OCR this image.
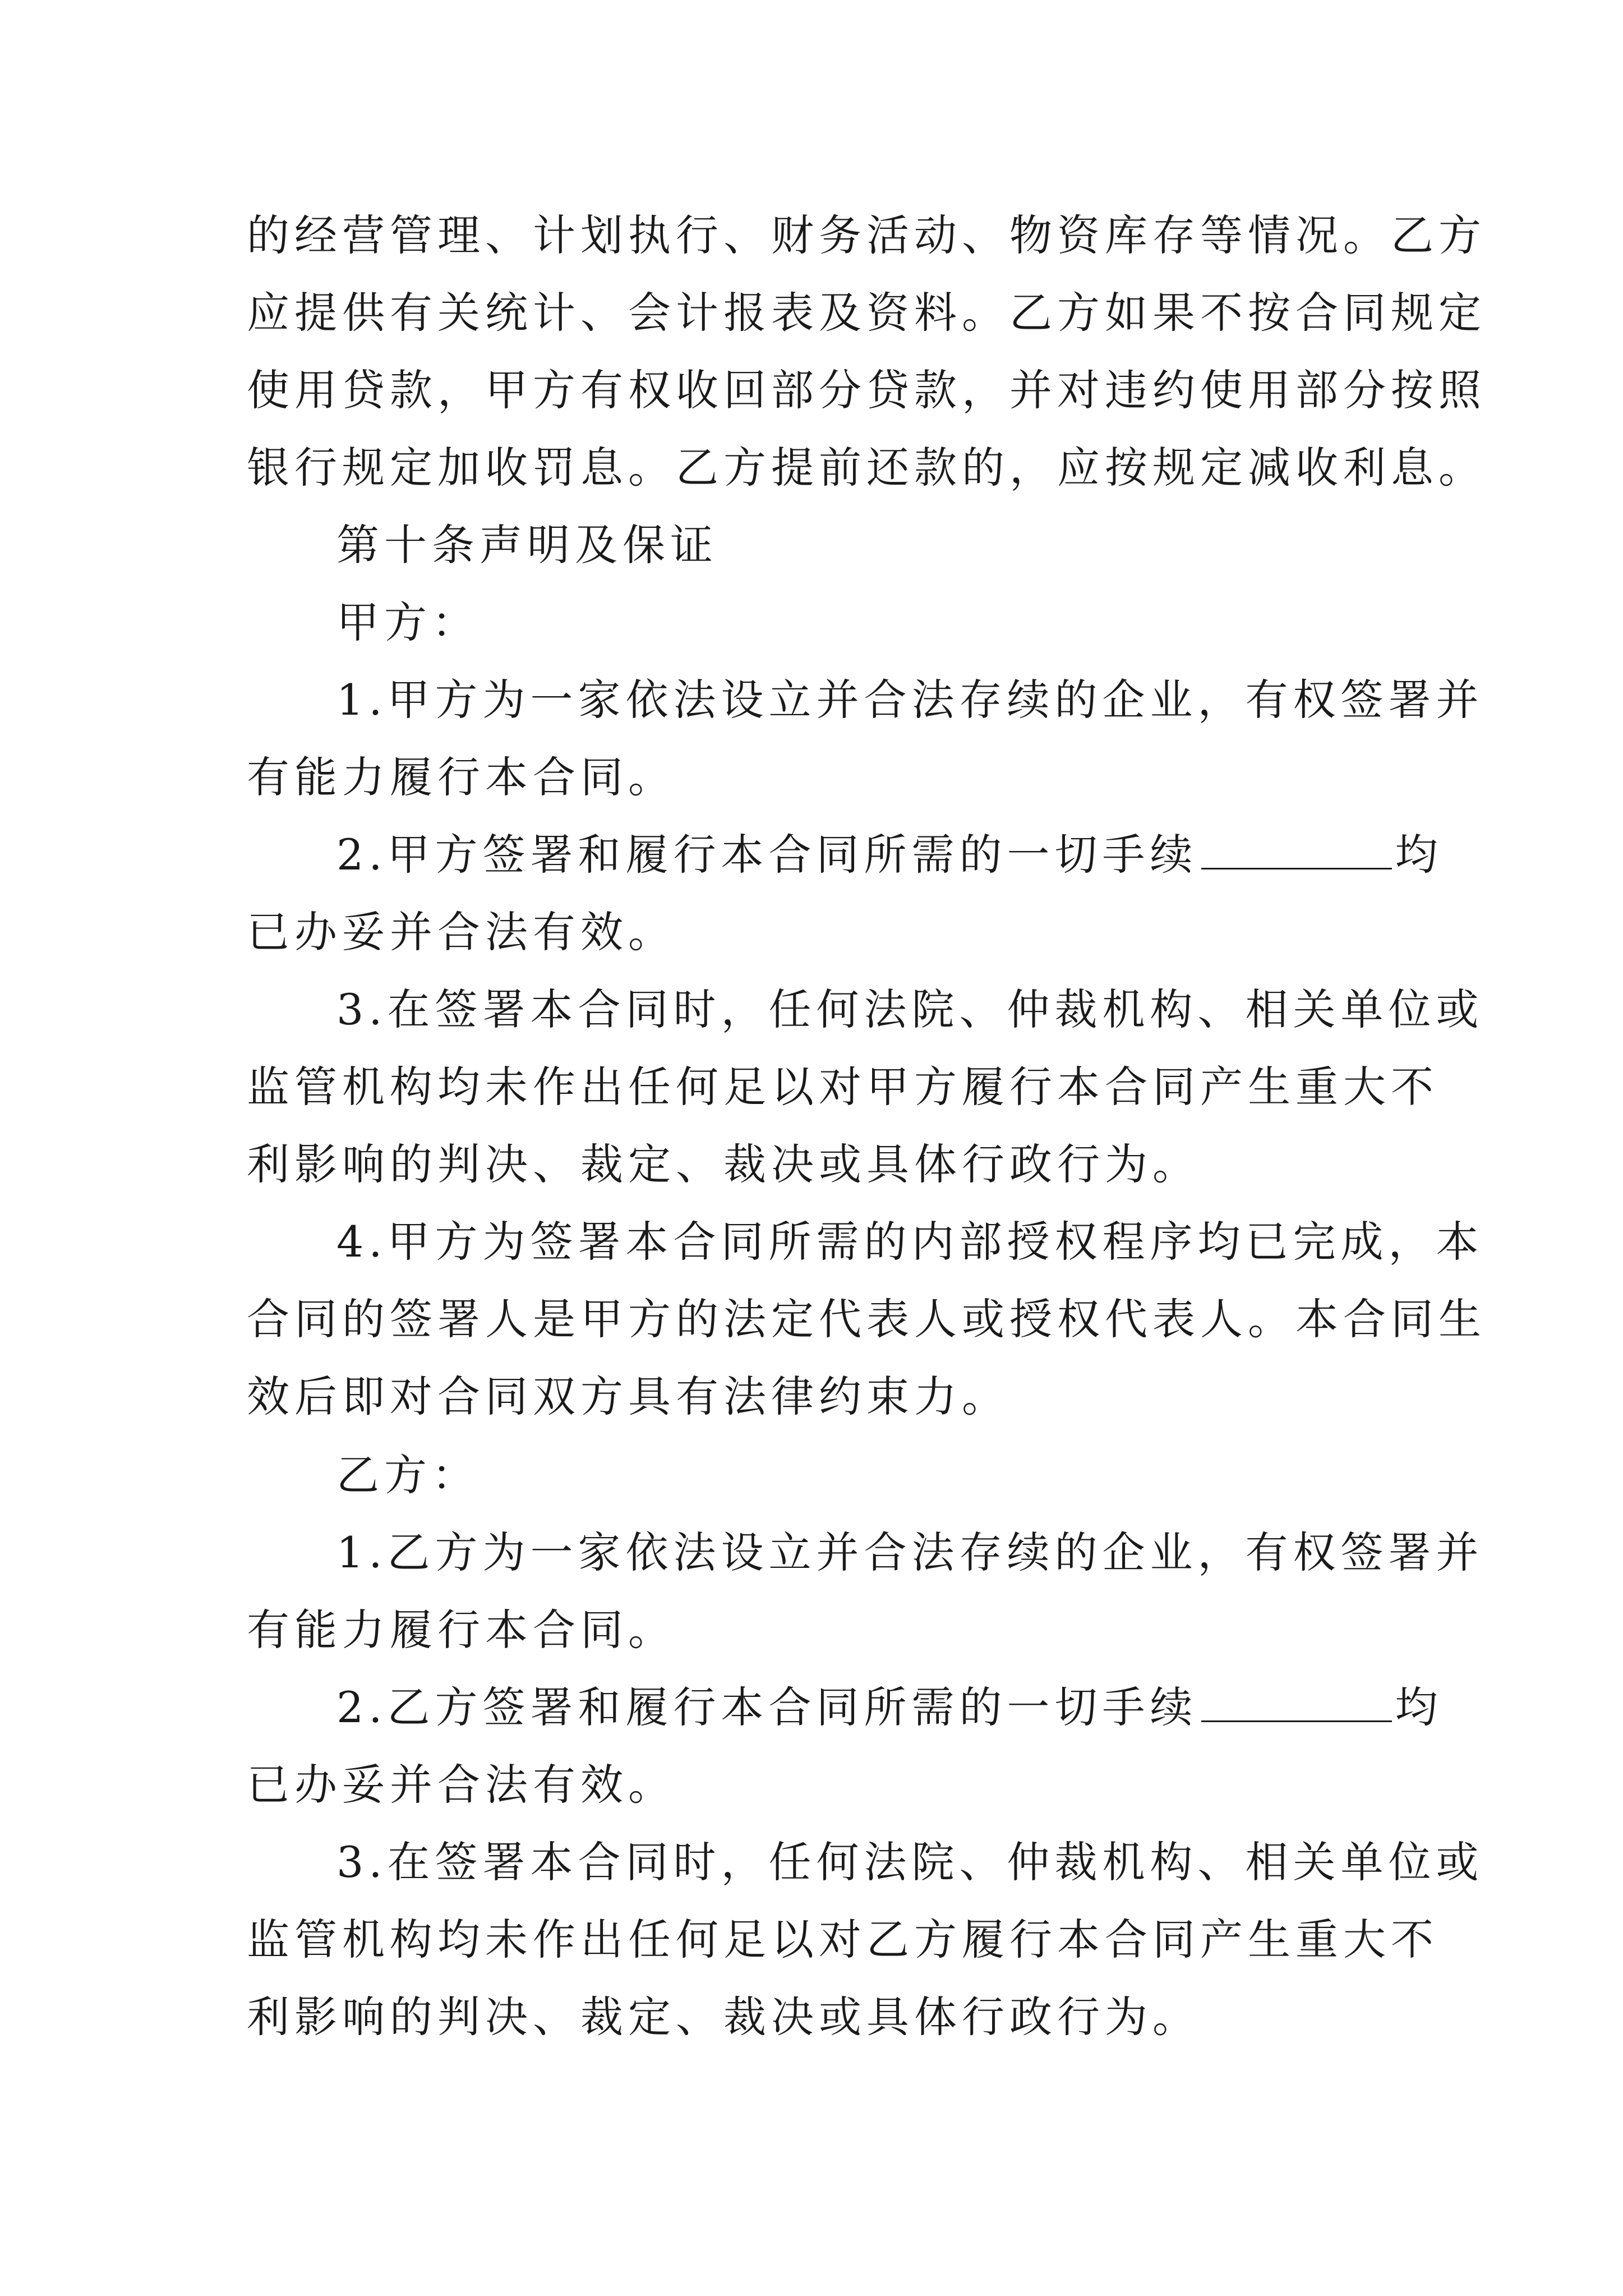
的经营管理、计划执行、财务活动、物资库存等情况。乙方
应提供有关统计、会计报表及资料。乙方如果不按合同规定
使用贷款，甲方有权收回部分贷款，并对违约使用部分按照
银行规定加收罚息。乙方提前还款的，应按规定减收利息。
第十条声明及保证
甲方：
1.甲方为一家依法设立并合法存续的企业，有权签署并
有能力履行本合同。
2.甲方签署和履行本合同所需的一切手续	均
已办妥并合法有效。
3.在签署本合同时，任何法院、仲裁机构、相关单位或
监管机构均未作出任何足以对甲方履行本合同产生重大不
利影响的判决、裁定、裁决或具体行政行为。
4.甲方为签署本合同所需的内部授权程序均已完成，本
合同的签署人是甲方的法定代表人或授权代表人。本合同生
效后即对合同双方具有法律约束力。
乙方：
1.乙方为一家依法设立并合法存续的企业，有权签署并
有能力履行本合同。
2.乙方签署和履行本合同所需的一切手续	均
已办妥并合法有效。
3.在签署本合同时，任何法院、仲裁机构、相关单位或
监管机构均未作出任何足以对乙方履行本合同产生重大不
利影响的判决、裁定、裁决或具体行政行为。
